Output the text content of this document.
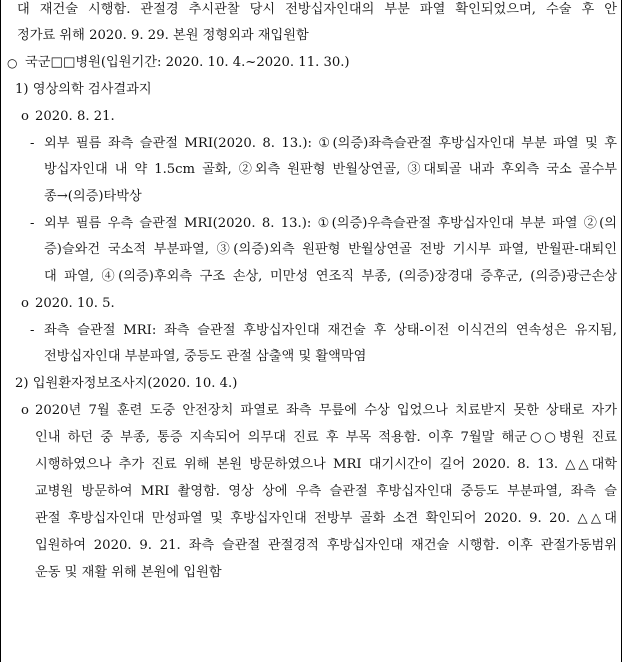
대 재건술 시행함. 관절경 추시관찰 당시 전방십자인대의 부분 파열 확인되었으며, 수술 후 안
정가료 위해 2020. 9. 29. 본원 정형외과 재입원함
○ 국군□□병원(입원기간: 2020. 10. 4.~2020. 11. 30.)
1) 영상의학 검사결과지
o 2020. 8. 21.
- 외부 필름 좌측 슬관절 MRI(2020. 8. 13.): ①(의증)좌측슬관절 후방십자인대 부분 파열 및 후
방십자인대 내 약 1.5cm 골화, ②외측 원판형 반월상연골, ③대퇴골 내과 후외측 국소 골수부
종→(의증)타박상
- 외부 필름 우측 슬관절 MRI(2020. 8. 13.): ①(의증)우측슬관절 후방십자인대 부분 파열 ②(의
증)슬와건 국소적 부분파열, ③(의증)외측 원판형 반월상연골 전방 기시부 파열, 반월판-대퇴인
대 파열, ④(의증)후외측 구조 손상, 미만성 연조직 부종, (의증)장경대 증후군, (의증)광근손상
o 2020. 10. 5.
- 좌측 슬관절 MRI: 좌측 슬관절 후방십자인대 재건술 후 상태-이전 이식건의 연속성은 유지됨,
전방십자인대 부분파열, 중등도 관절 삼출액 및 활액막염
2) 입원환자정보조사지(2020. 10. 4.)
o 2020년 7월 훈련 도중 안전장치 파열로 좌측 무릎에 수상 입었으나 치료받지 못한 상태로 자가
인내 하던 중 부종, 통증 지속되어 의무대 진료 후 부목 적용함. 이후 7월말 해군○○병원 진료
시행하였으나 추가 진료 위해 본원 방문하였으나 MRI 대기시간이 길어 2020. 8. 13. △△대학
교병원 방문하여 MRI 촬영함. 영상 상에 우측 슬관절 후방십자인대 중등도 부분파열, 좌측 슬
관절 후방십자인대 만성파열 및 후방십자인대 전방부 골화 소견 확인되어 2020. 9. 20. △△대
입원하여 2020. 9. 21. 좌측 슬관절 관절경적 후방십자인대 재건술 시행함. 이후 관절가동범위
운동 및 재활 위해 본원에 입원함
